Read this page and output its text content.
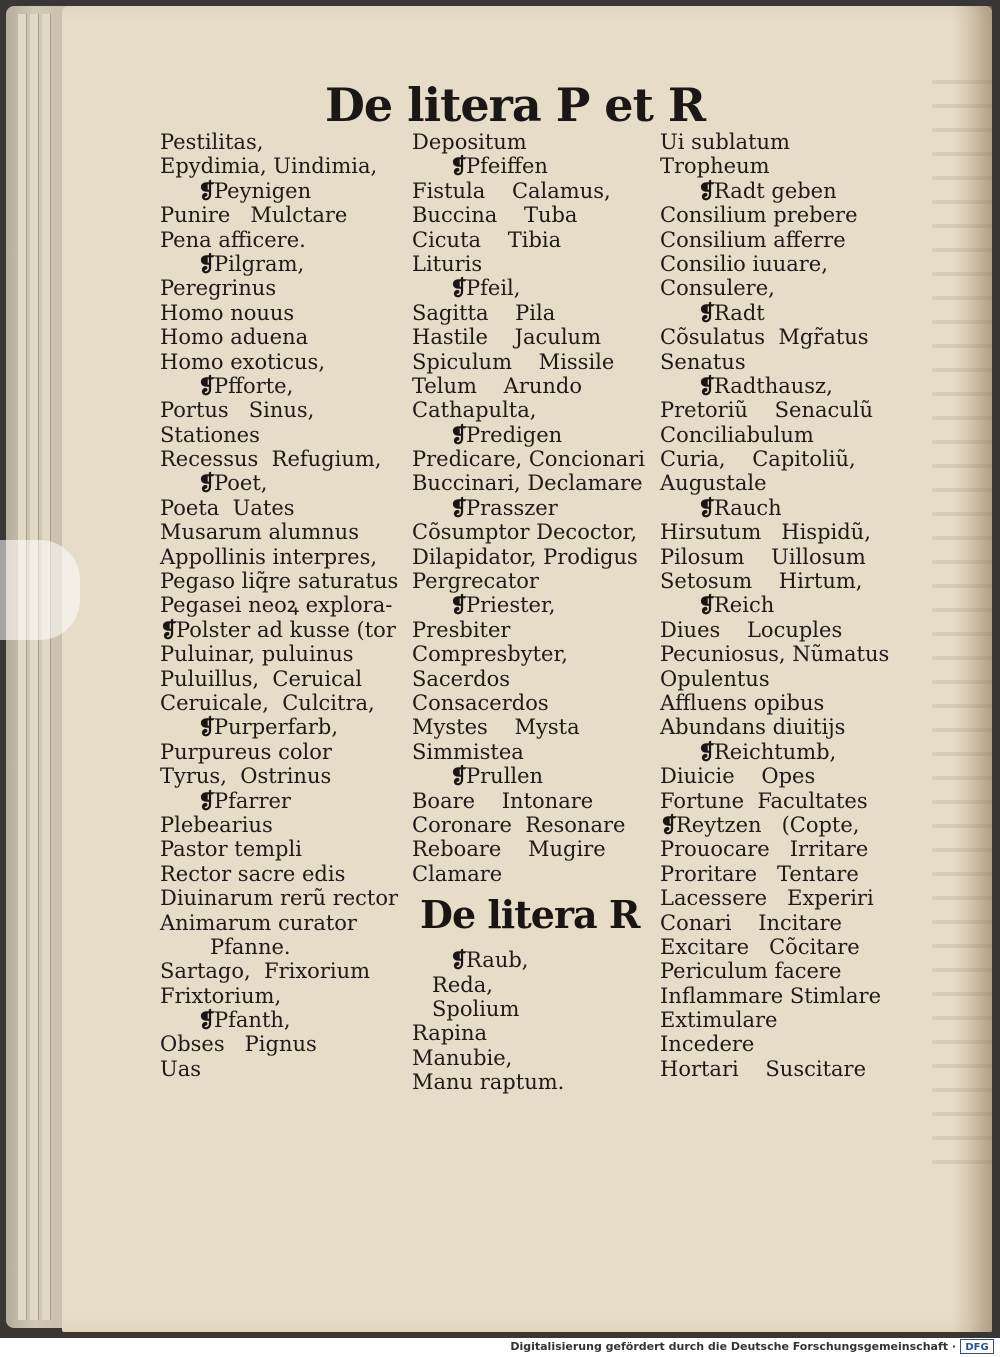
De litera P et R
Pestilitas,
Epydimia, Uindimia,
❡Peynigen
Punire   Mulctare
Pena afficere.
❡Pilgram,
Peregrinus
Homo nouus
Homo aduena
Homo exoticus,
❡Pfforte,
Portus   Sinus,
Stationes
Recessus  Refugium,
❡Poet,
Poeta  Uates
Musarum alumnus
Appollinis interpres,
Pegaso liq̃re saturatus
Pegasei neoꝝ explora-
❡Polster ad kusse (tor
Puluinar, puluinus
Puluillus,  Ceruical
Ceruicale,  Culcitra,
❡Purperfarb,
Purpureus color
Tyrus,  Ostrinus
❡Pfarrer
Plebearius
Pastor templi
Rector sacre edis
Diuinarum rerũ rector
Animarum curator
Pfanne.
Sartago,  Frixorium
Frixtorium,
❡Pfanth,
Obses   Pignus
Uas
Depositum
❡Pfeiffen
Fistula    Calamus,
Buccina    Tuba
Cicuta    Tibia
Lituris
❡Pfeil,
Sagitta    Pila
Hastile    Jaculum
Spiculum    Missile
Telum    Arundo
Cathapulta,
❡Predigen
Predicare, Concionari
Buccinari, Declamare
❡Prasszer
Cõsumptor Decoctor,
Dilapidator, Prodigus
Pergrecator
❡Priester,
Presbiter
Compresbyter,
Sacerdos
Consacerdos
Mystes    Mysta
Simmistea
❡Prullen
Boare    Intonare
Coronare  Resonare
Reboare    Mugire
Clamare
De litera R
❡Raub,
Reda,
Spolium
Rapina
Manubie,
Manu raptum.
Ui sublatum
Tropheum
❡Radt geben
Consilium prebere
Consilium afferre
Consilio iuuare,
Consulere,
❡Radt
Cõsulatus  Mgr̃atus
Senatus
❡Radthausz,
Pretoriũ    Senaculũ
Conciliabulum
Curia,    Capitoliũ,
Augustale
❡Rauch
Hirsutum   Hispidũ,
Pilosum    Uillosum
Setosum    Hirtum,
❡Reich
Diues    Locuples
Pecuniosus, Nũmatus
Opulentus
Affluens opibus
Abundans diuitijs
❡Reichtumb,
Diuicie    Opes
Fortune  Facultates
❡Reytzen   (Copte,
Prouocare   Irritare
Proritare   Tentare
Lacessere   Experiri
Conari    Incitare
Excitare   Cõcitare
Periculum facere
Inflammare Stimlare
Extimulare
Incedere
Hortari    Suscitare
Digitalisierung gefördert durch die Deutsche Forschungsgemeinschaft · DFG
